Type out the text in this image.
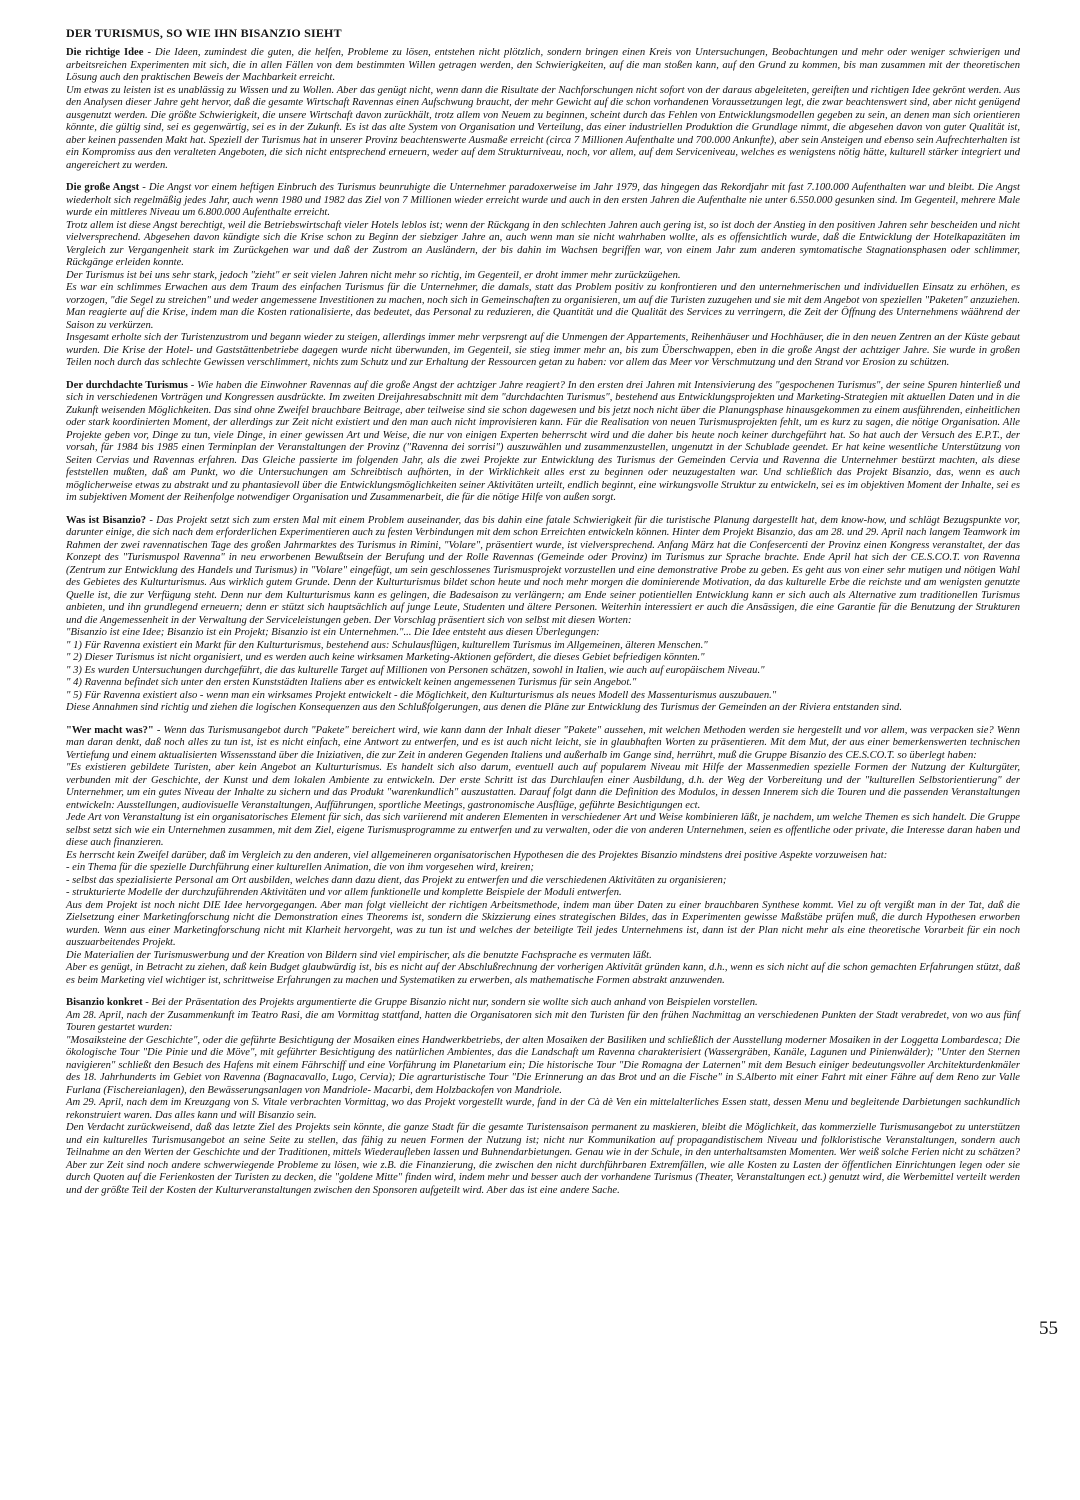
DER TURISMUS, SO WIE IHN BISANZIO SIEHT

Die richtige Idee - Die Ideen, zumindest die guten, die helfen, Probleme zu lösen, entstehen nicht plötzlich, sondern bringen einen Kreis von Untersuchungen, Beobachtungen und mehr oder weniger schwierigen und arbeitsreichen Experimenten mit sich, die in allen Fällen von dem bestimmten Willen getragen werden, den Schwierigkeiten, auf die man stoßen kann, auf den Grund zu kommen, bis man zusammen mit der theoretischen Lösung auch den praktischen Beweis der Machbarkeit erreicht.

Um etwas zu leisten ist es unablässig zu Wissen und zu Wollen. Aber das genügt nicht, wenn dann die Risultate der Nachforschungen nicht sofort von der daraus abgeleiteten, gereiften und richtigen Idee gekrönt werden. Aus den Analysen dieser Jahre geht hervor, daß die gesamte Wirtschaft Ravennas einen Aufschwung braucht, der mehr Gewicht auf die schon vorhandenen Voraussetzungen legt, die zwar beachtenswert sind, aber nicht genügend ausgenutzt werden. Die größte Schwierigkeit, die unsere Wirtschaft davon zurückhält, trotz allem von Neuem zu beginnen, scheint durch das Fehlen von Entwicklungsmodellen gegeben zu sein, an denen man sich orientieren könnte, die gültig sind, sei es gegenwärtig, sei es in der Zukunft. Es ist das alte System von Organisation und Verteilung, das einer industriellen Produktion die Grundlage nimmt, die abgesehen davon von guter Qualität ist, aber keinen passenden Makt hat. Speziell der Turismus hat in unserer Provinz beachtenswerte Ausmaße erreicht (circa 7 Millionen Aufenthalte und 700.000 Ankunfte), aber sein Ansteigen und ebenso sein Aufrechterhalten ist ein Kompromiss aus den veralteten Angeboten, die sich nicht entsprechend erneuern, weder auf dem Strukturniveau, noch, vor allem, auf dem Serviceniveau, welches es wenigstens nötig hätte, kulturell stärker integriert und angereichert zu werden.

Die große Angst - Die Angst vor einem heftigen Einbruch des Turismus beunruhigte die Unternehmer paradoxerweise im Jahr 1979, das hingegen das Rekordjahr mit fast 7.100.000 Aufenthalten war und bleibt. Die Angst wiederholt sich regelmäßig jedes Jahr, auch wenn 1980 und 1982 das Ziel von 7 Millionen wieder erreicht wurde und auch in den ersten Jahren die Aufenthalte nie unter 6.550.000 gesunken sind. Im Gegenteil, mehrere Male wurde ein mittleres Niveau um 6.800.000 Aufenthalte erreicht.

Trotz allem ist diese Angst berechtigt, weil die Betriebswirtschaft vieler Hotels leblos ist; wenn der Rückgang in den schlechten Jahren auch gering ist, so ist doch der Anstieg in den positiven Jahren sehr bescheiden und nicht vielversprechend. Abgesehen davon kündigte sich die Krise schon zu Beginn der siebziger Jahre an, auch wenn man sie nicht wahrhaben wollte, als es offensichtlich wurde, daß die Entwicklung der Hotelkapazitäten im Vergleich zur Vergangenheit stark im Zurückgehen war und daß der Zustrom an Ausländern, der bis dahin im Wachsen begriffen war, von einem Jahr zum anderen symtomatische Stagnationsphasen oder schlimmer, Rückgänge erleiden konnte.

Der Turismus ist bei uns sehr stark, jedoch "zieht" er seit vielen Jahren nicht mehr so richtig, im Gegenteil, er droht immer mehr zurückzügehen.

Es war ein schlimmes Erwachen aus dem Traum des einfachen Turismus für die Unternehmer, die damals, statt das Problem positiv zu konfrontieren und den unternehmerischen und individuellen Einsatz zu erhöhen, es vorzogen, "die Segel zu streichen" und weder angemessene Investitionen zu machen, noch sich in Gemeinschaften zu organisieren, um auf die Turisten zuzugehen und sie mit dem Angebot von speziellen "Paketen" anzuziehen. Man reagierte auf die Krise, indem man die Kosten rationalisierte, das bedeutet, das Personal zu reduzieren, die Quantität und die Qualität des Services zu verringern, die Zeit der Öffnung des Unternehmens wäährend der Saison zu verkürzen.

Insgesamt erholte sich der Turistenzustrom und begann wieder zu steigen, allerdings immer mehr verpsrengt auf die Unmengen der Appartements, Reihenhäuser und Hochhäuser, die in den neuen Zentren an der Küste gebaut wurden. Die Krise der Hotel- und Gaststättenbetriebe dagegen wurde nicht überwunden, im Gegenteil, sie stieg immer mehr an, bis zum Überschwappen, eben in die große Angst der achtziger Jahre. Sie wurde in großen Teilen noch durch das schlechte Gewissen verschlimmert, nichts zum Schutz und zur Erhaltung der Ressourcen getan zu haben: vor allem das Meer vor Verschmutzung und den Strand vor Erosion zu schützen.

Der durchdachte Turismus - Wie haben die Einwohner Ravennas auf die große Angst der achtziger Jahre reagiert? In den ersten drei Jahren mit Intensivierung des "gespochenen Turismus", der seine Spuren hinterließ und sich in verschiedenen Vorträgen und Kongressen ausdrückte. Im zweiten Dreijahresabschnitt mit dem "durchdachten Turismus", bestehend aus Entwicklungsprojekten und Marketing-Strategien mit aktuellen Daten und in die Zukunft weisenden Möglichkeiten. Das sind ohne Zweifel brauchbare Beitrage, aber teilweise sind sie schon dagewesen und bis jetzt noch nicht über die Planungsphase hinausgekommen zu einem ausführenden, einheitlichen oder stark koordinierten Moment, der allerdings zur Zeit nicht existiert und den man auch nicht improvisieren kann. Für die Realisation von neuen Turismusprojekten fehlt, um es kurz zu sagen, die nötige Organisation. Alle Projekte geben vor, Dinge zu tun, viele Dinge, in einer gewissen Art und Weise, die nur von einigen Experten beherrscht wird und die daher bis heute noch keiner durchgeführt hat. So hat auch der Versuch des E.P.T., der vorsah, für 1984 bis 1985 einen Terminplan der Veranstaltungen der Provinz ("Ravenna dei sorrisi") auszuwählen und zusammenzustellen, ungenutzt in der Schublade geendet. Er hat keine wesentliche Unterstützung von Seiten Cervias und Ravennas erfahren. Das Gleiche passierte im folgenden Jahr, als die zwei Projekte zur Entwicklung des Turismus der Gemeinden Cervia und Ravenna die Unternehmer bestürzt machten, als diese feststellen mußten, daß am Punkt, wo die Untersuchungen am Schreibtisch aufhörten, in der Wirklichkeit alles erst zu beginnen oder neuzugestalten war. Und schließlich das Projekt Bisanzio, das, wenn es auch möglicherweise etwas zu abstrakt und zu phantasievoll über die Entwicklungsmöglichkeiten seiner Aktivitäten urteilt, endlich beginnt, eine wirkungsvolle Struktur zu entwickeln, sei es im objektiven Moment der Inhalte, sei es im subjektiven Moment der Reihenfolge notwendiger Organisation und Zusammenarbeit, die für die nötige Hilfe von außen sorgt.

Was ist Bisanzio? - Das Projekt setzt sich zum ersten Mal mit einem Problem auseinander, das bis dahin eine fatale Schwierigkeit für die turistische Planung dargestellt hat, dem know-how, und schlägt Bezugspunkte vor, darunter einige, die sich nach dem erforderlichen Experimentieren auch zu festen Verbindungen mit dem schon Erreichten entwickeln können. Hinter dem Projekt Bisanzio, das am 28. und 29. April nach langem Teamwork im Rahmen der zwei ravennatischen Tage des großen Jahrmarktes des Turismus in Rimini, "Volare", präsentiert wurde, ist vielversprechend. Anfang März hat die Confesercenti der Provinz einen Kongress veranstaltet, der das Konzept des "Turismuspol Ravenna" in neu erworbenen Bewußtsein der Berufung und der Rolle Ravennas (Gemeinde oder Provinz) im Turismus zur Sprache brachte. Ende April hat sich der CE.S.CO.T. von Ravenna (Zentrum zur Entwicklung des Handels und Turismus) in "Volare" eingefügt, um sein geschlossenes Turismusprojekt vorzustellen und eine demonstrative Probe zu geben. Es geht aus von einer sehr mutigen und nötigen Wahl des Gebietes des Kulturturismus. Aus wirklich gutem Grunde. Denn der Kulturturismus bildet schon heute und noch mehr morgen die dominierende Motivation, da das kulturelle Erbe die reichste und am wenigsten genutzte Quelle ist, die zur Verfügung steht. Denn nur dem Kulturturismus kann es gelingen, die Badesaison zu verlängern; am Ende seiner potientiellen Entwicklung kann er sich auch als Alternative zum traditionellen Turismus anbieten, und ihn grundlegend erneuern; denn er stützt sich hauptsächlich auf junge Leute, Studenten und ältere Personen. Weiterhin interessiert er auch die Ansässigen, die eine Garantie für die Benutzung der Strukturen und die Angemessenheit in der Verwaltung der Serviceleistungen geben. Der Vorschlag präsentiert sich von selbst mit diesen Worten:

"Bisanzio ist eine Idee; Bisanzio ist ein Projekt; Bisanzio ist ein Unternehmen."... Die Idee entsteht aus diesen Überlegungen:

" 1) Für Ravenna existiert ein Markt für den Kulturturismus, bestehend aus: Schulausflügen, kulturellem Turismus im Allgemeinen, älteren Menschen."

" 2) Dieser Turismus ist nicht organisiert, und es werden auch keine wirksamen Marketing-Aktionen gefördert, die dieses Gebiet befriedigen könnten."

" 3) Es wurden Untersuchungen durchgeführt, die das kulturelle Target auf Millionen von Personen schätzen, sowohl in Italien, wie auch auf europäischem Niveau."

" 4) Ravenna befindet sich unter den ersten Kunststädten Italiens aber es entwickelt keinen angemessenen Turismus für sein Angebot."

" 5) Für Ravenna existiert also - wenn man ein wirksames Projekt entwickelt - die Möglichkeit, den Kulturturismus als neues Modell des Massenturismus auszubauen."

Diese Annahmen sind richtig und ziehen die logischen Konsequenzen aus den Schlußfolgerungen, aus denen die Pläne zur Entwicklung des Turismus der Gemeinden an der Riviera entstanden sind.

"Wer macht was?" - Wenn das Turismusangebot durch "Pakete" bereichert wird, wie kann dann der Inhalt dieser "Pakete" aussehen, mit welchen Methoden werden sie hergestellt und vor allem, was verpacken sie? Wenn man daran denkt, daß noch alles zu tun ist, ist es nicht einfach, eine Antwort zu entwerfen, und es ist auch nicht leicht, sie in glaubhaften Worten zu präsentieren. Mit dem Mut, der aus einer bemerkenswerten technischen Vertiefung und einem aktualisierten Wissensstand über die Iniziativen, die zur Zeit in anderen Gegenden Italiens und außerhalb im Gange sind, herrührt, muß die Gruppe Bisanzio des CE.S.CO.T. so überlegt haben:

"Es existieren gebildete Turisten, aber kein Angebot an Kulturturismus. Es handelt sich also darum, eventuell auch auf popularem Niveau mit Hilfe der Massenmedien spezielle Formen der Nutzung der Kulturgüter, verbunden mit der Geschichte, der Kunst und dem lokalen Ambiente zu entwickeln. Der erste Schritt ist das Durchlaufen einer Ausbildung, d.h. der Weg der Vorbereitung und der "kulturellen Selbstorientierung" der Unternehmer, um ein gutes Niveau der Inhalte zu sichern und das Produkt "warenkundlich" auszustatten. Darauf folgt dann die Definition des Modulos, in dessen Innerem sich die Touren und die passenden Veranstaltungen entwickeln: Ausstellungen, audiovisuelle Veranstaltungen, Aufführungen, sportliche Meetings, gastronomische Ausflüge, geführte Besichtigungen ect.

Jede Art von Veranstaltung ist ein organisatorisches Element für sich, das sich variierend mit anderen Elementen in verschiedener Art und Weise kombinieren läßt, je nachdem, um welche Themen es sich handelt. Die Gruppe selbst setzt sich wie ein Unternehmen zusammen, mit dem Ziel, eigene Turismusprogramme zu entwerfen und zu verwalten, oder die von anderen Unternehmen, seien es offentliche oder private, die Interesse daran haben und diese auch finanzieren.

Es herrscht kein Zweifel darüber, daß im Vergleich zu den anderen, viel allgemeineren organisatorischen Hypothesen die des Projektes Bisanzio mindstens drei positive Aspekte vorzuweisen hat:

- ein Thema für die spezielle Durchführung einer kulturellen Animation, die von ihm vorgesehen wird, kreiren;

- selbst das spezialisierte Personal am Ort ausbilden, welches dann dazu dient, das Projekt zu entwerfen und die verschiedenen Aktivitäten zu organisieren;

- strukturierte Modelle der durchzuführenden Aktivitäten und vor allem funktionelle und komplette Beispiele der Moduli entwerfen.

Aus dem Projekt ist noch nicht DIE Idee hervorgegangen. Aber man folgt vielleicht der richtigen Arbeitsmethode, indem man über Daten zu einer brauchbaren Synthese kommt. Viel zu oft vergißt man in der Tat, daß die Zielsetzung einer Marketingforschung nicht die Demonstration eines Theorems ist, sondern die Skizzierung eines strategischen Bildes, das in Experimenten gewisse Maßstäbe prüfen muß, die durch Hypothesen erworben wurden. Wenn aus einer Marketingforschung nicht mit Klarheit hervorgeht, was zu tun ist und welches der beteiligte Teil jedes Unternehmens ist, dann ist der Plan nicht mehr als eine theoretische Vorarbeit für ein noch auszuarbeitendes Projekt.

Die Materialien der Turismuswerbung und der Kreation von Bildern sind viel empirischer, als die benutzte Fachsprache es vermuten läßt.

Aber es genügt, in Betracht zu ziehen, daß kein Budget glaubwürdig ist, bis es nicht auf der Abschlußrechnung der vorherigen Aktivität gründen kann, d.h., wenn es sich nicht auf die schon gemachten Erfahrungen stützt, daß es beim Marketing viel wichtiger ist, schrittweise Erfahrungen zu machen und Systematiken zu erwerben, als mathematische Formen abstrakt anzuwenden.

Bisanzio konkret - Bei der Präsentation des Projekts argumentierte die Gruppe Bisanzio nicht nur, sondern sie wollte sich auch anhand von Beispielen vorstellen.

Am 28. April, nach der Zusammenkunft im Teatro Rasi, die am Vormittag stattfand, hatten die Organisatoren sich mit den Turisten für den frühen Nachmittag an verschiedenen Punkten der Stadt verabredet, von wo aus fünf Touren gestartet wurden:

"Mosaiksteine der Geschichte", oder die geführte Besichtigung der Mosaiken eines Handwerkbetriebs, der alten Mosaiken der Basiliken und schließlich der Ausstellung moderner Mosaiken in der Loggetta Lombardesca; Die ökologische Tour "Die Pinie und die Möve", mit geführter Besichtigung des natürlichen Ambientes, das die Landschaft um Ravenna charakterisiert (Wassergräben, Kanäle, Lagunen und Pinienwälder); "Unter den Sternen navigieren" schließt den Besuch des Hafens mit einem Fährschiff und eine Vorführung im Planetarium ein; Die historische Tour "Die Romagna der Laternen" mit dem Besuch einiger bedeutungsvoller Architekturdenkmäler des 18. Jahrhunderts im Gebiet von Ravenna (Bagnacavallo, Lugo, Cervia); Die agrarturistische Tour "Die Erinnerung an das Brot und an die Fische" in S.Alberto mit einer Fahrt mit einer Fähre auf dem Reno zur Valle Furlana (Fischereianlagen), den Bewässerungsanlagen von Mandriole- Macarbi, dem Holzbackofen von Mandriole.

Am 29. April, nach dem im Kreuzgang von S. Vitale verbrachten Vormittag, wo das Projekt vorgestellt wurde, fand in der Cà dè Ven ein mittelalterliches Essen statt, dessen Menu und begleitende Darbietungen sachkundlich rekonstruiert waren. Das alles kann und will Bisanzio sein.

Den Verdacht zurückweisend, daß das letzte Ziel des Projekts sein könnte, die ganze Stadt für die gesamte Turistensaison permanent zu maskieren, bleibt die Möglichkeit, das kommerzielle Turismusangebot zu unterstützen und ein kulturelles Turismusangebot an seine Seite zu stellen, das fähig zu neuen Formen der Nutzung ist; nicht nur Kommunikation auf propagandistischem Niveau und folkloristische Veranstaltungen, sondern auch Teilnahme an den Werten der Geschichte und der Traditionen, mittels Wiederaufleben lassen und Buhnendarbietungen. Genau wie in der Schule, in den unterhaltsamsten Momenten. Wer weiß solche Ferien nicht zu schätzen? Aber zur Zeit sind noch andere schwerwiegende Probleme zu lösen, wie z.B. die Finanzierung, die zwischen den nicht durchführbaren Extremfällen, wie alle Kosten zu Lasten der öffentlichen Einrichtungen legen oder sie durch Quoten auf die Ferienkosten der Turisten zu decken, die "goldene Mitte" finden wird, indem mehr und besser auch der vorhandene Turismus (Theater, Veranstaltungen ect.) genutzt wird, die Werbemittel verteilt werden und der größte Teil der Kosten der Kulturveranstaltungen zwischen den Sponsoren aufgeteilt wird. Aber das ist eine andere Sache.

55
